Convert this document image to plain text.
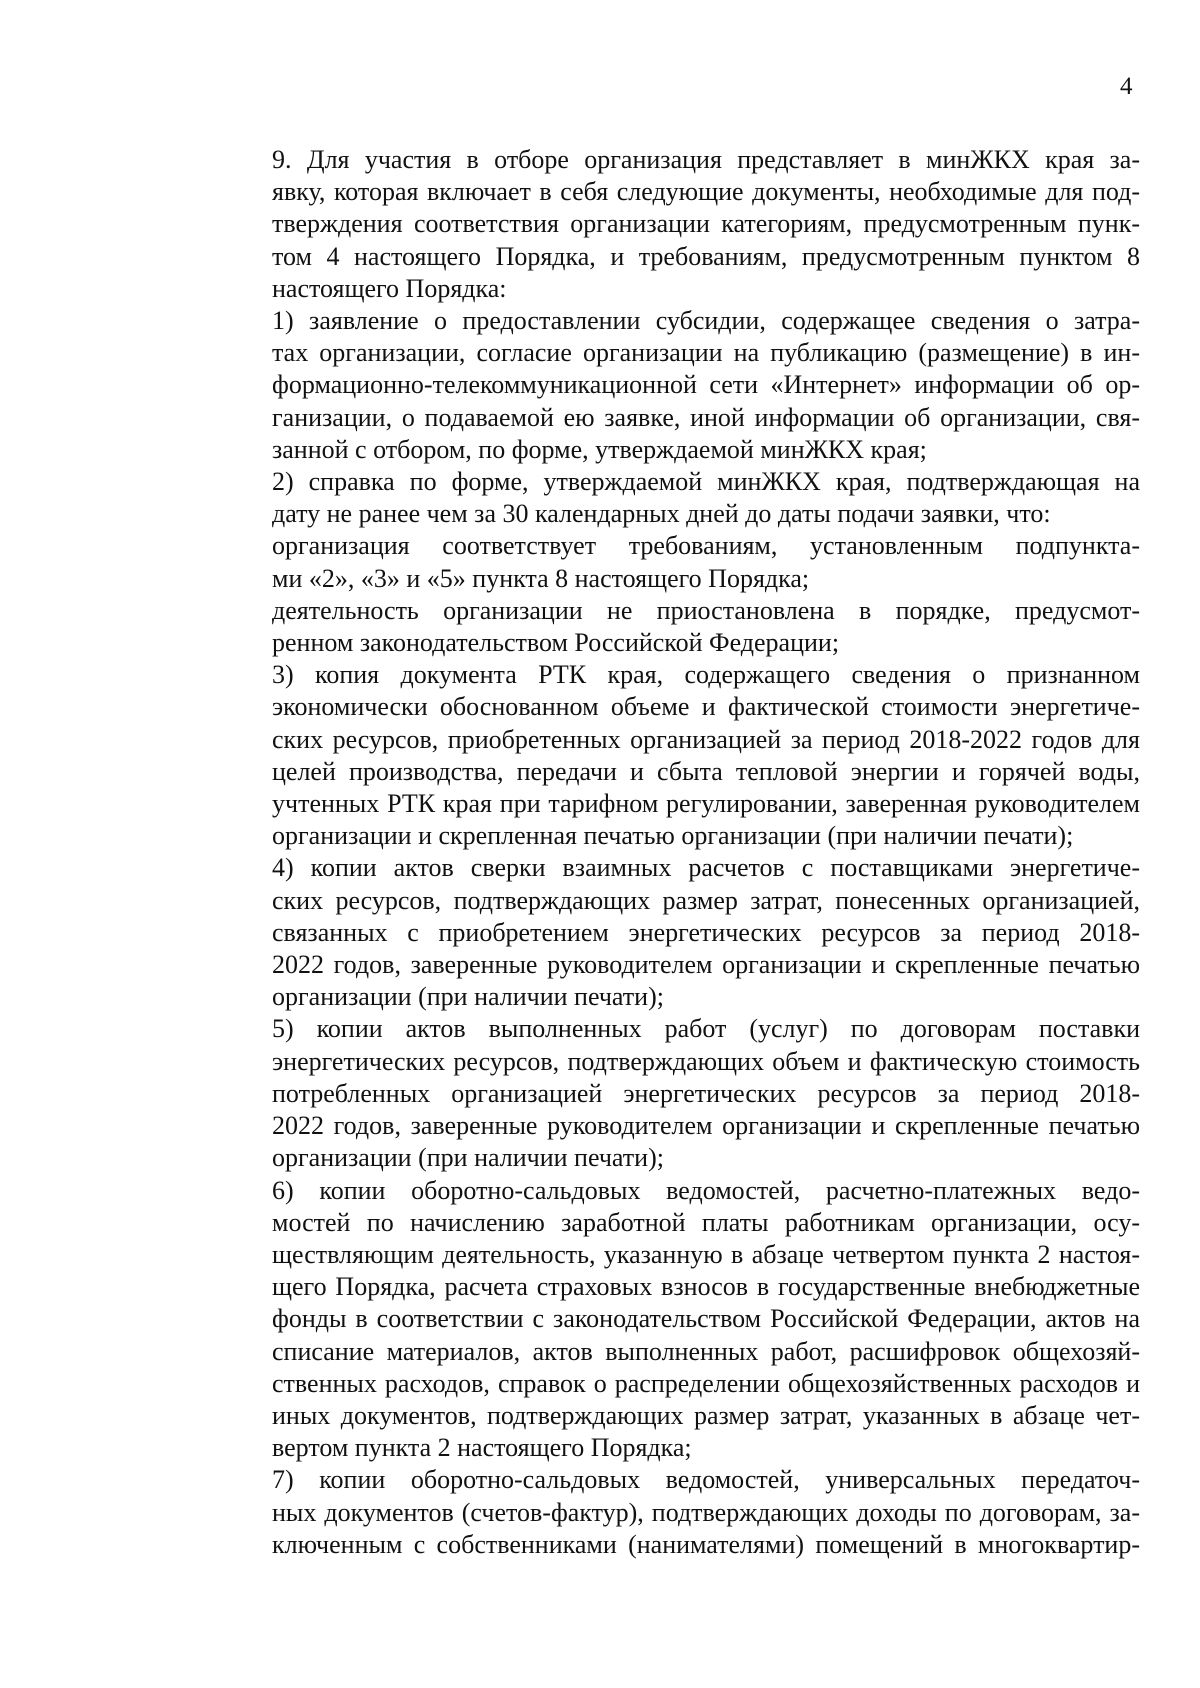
4
9. Для участия в отборе организация представляет в минЖКХ края за-
явку, которая включает в себя следующие документы, необходимые для под-
тверждения соответствия организации категориям, предусмотренным пунк-
том 4 настоящего Порядка, и требованиям, предусмотренным пунктом 8
настоящего Порядка:
1) заявление о предоставлении субсидии, содержащее сведения о затра-
тах организации, согласие организации на публикацию (размещение) в ин-
формационно-телекоммуникационной сети «Интернет» информации об ор-
ганизации, о подаваемой ею заявке, иной информации об организации, свя-
занной с отбором, по форме, утверждаемой минЖКХ края;
2) справка по форме, утверждаемой минЖКХ края, подтверждающая на
дату не ранее чем за 30 календарных дней до даты подачи заявки, что:
организация соответствует требованиям, установленным подпункта-
ми «2», «3» и «5» пункта 8 настоящего Порядка;
деятельность организации не приостановлена в порядке, предусмот-
ренном законодательством Российской Федерации;
3) копия документа РТК края, содержащего сведения о признанном
экономически обоснованном объеме и фактической стоимости энергетиче-
ских ресурсов, приобретенных организацией за период 2018-2022 годов для
целей производства, передачи и сбыта тепловой энергии и горячей воды,
учтенных РТК края при тарифном регулировании, заверенная руководителем
организации и скрепленная печатью организации (при наличии печати);
4) копии актов сверки взаимных расчетов с поставщиками энергетиче-
ских ресурсов, подтверждающих размер затрат, понесенных организацией,
связанных с приобретением энергетических ресурсов за период 2018-
2022 годов, заверенные руководителем организации и скрепленные печатью
организации (при наличии печати);
5) копии актов выполненных работ (услуг) по договорам поставки
энергетических ресурсов, подтверждающих объем и фактическую стоимость
потребленных организацией энергетических ресурсов за период 2018-
2022 годов, заверенные руководителем организации и скрепленные печатью
организации (при наличии печати);
6) копии оборотно-сальдовых ведомостей, расчетно-платежных ведо-
мостей по начислению заработной платы работникам организации, осу-
ществляющим деятельность, указанную в абзаце четвертом пункта 2 настоя-
щего Порядка, расчета страховых взносов в государственные внебюджетные
фонды в соответствии с законодательством Российской Федерации, актов на
списание материалов, актов выполненных работ, расшифровок общехозяй-
ственных расходов, справок о распределении общехозяйственных расходов и
иных документов, подтверждающих размер затрат, указанных в абзаце чет-
вертом пункта 2 настоящего Порядка;
7) копии оборотно-сальдовых ведомостей, универсальных передаточ-
ных документов (счетов-фактур), подтверждающих доходы по договорам, за-
ключенным с собственниками (нанимателями) помещений в многоквартир-
